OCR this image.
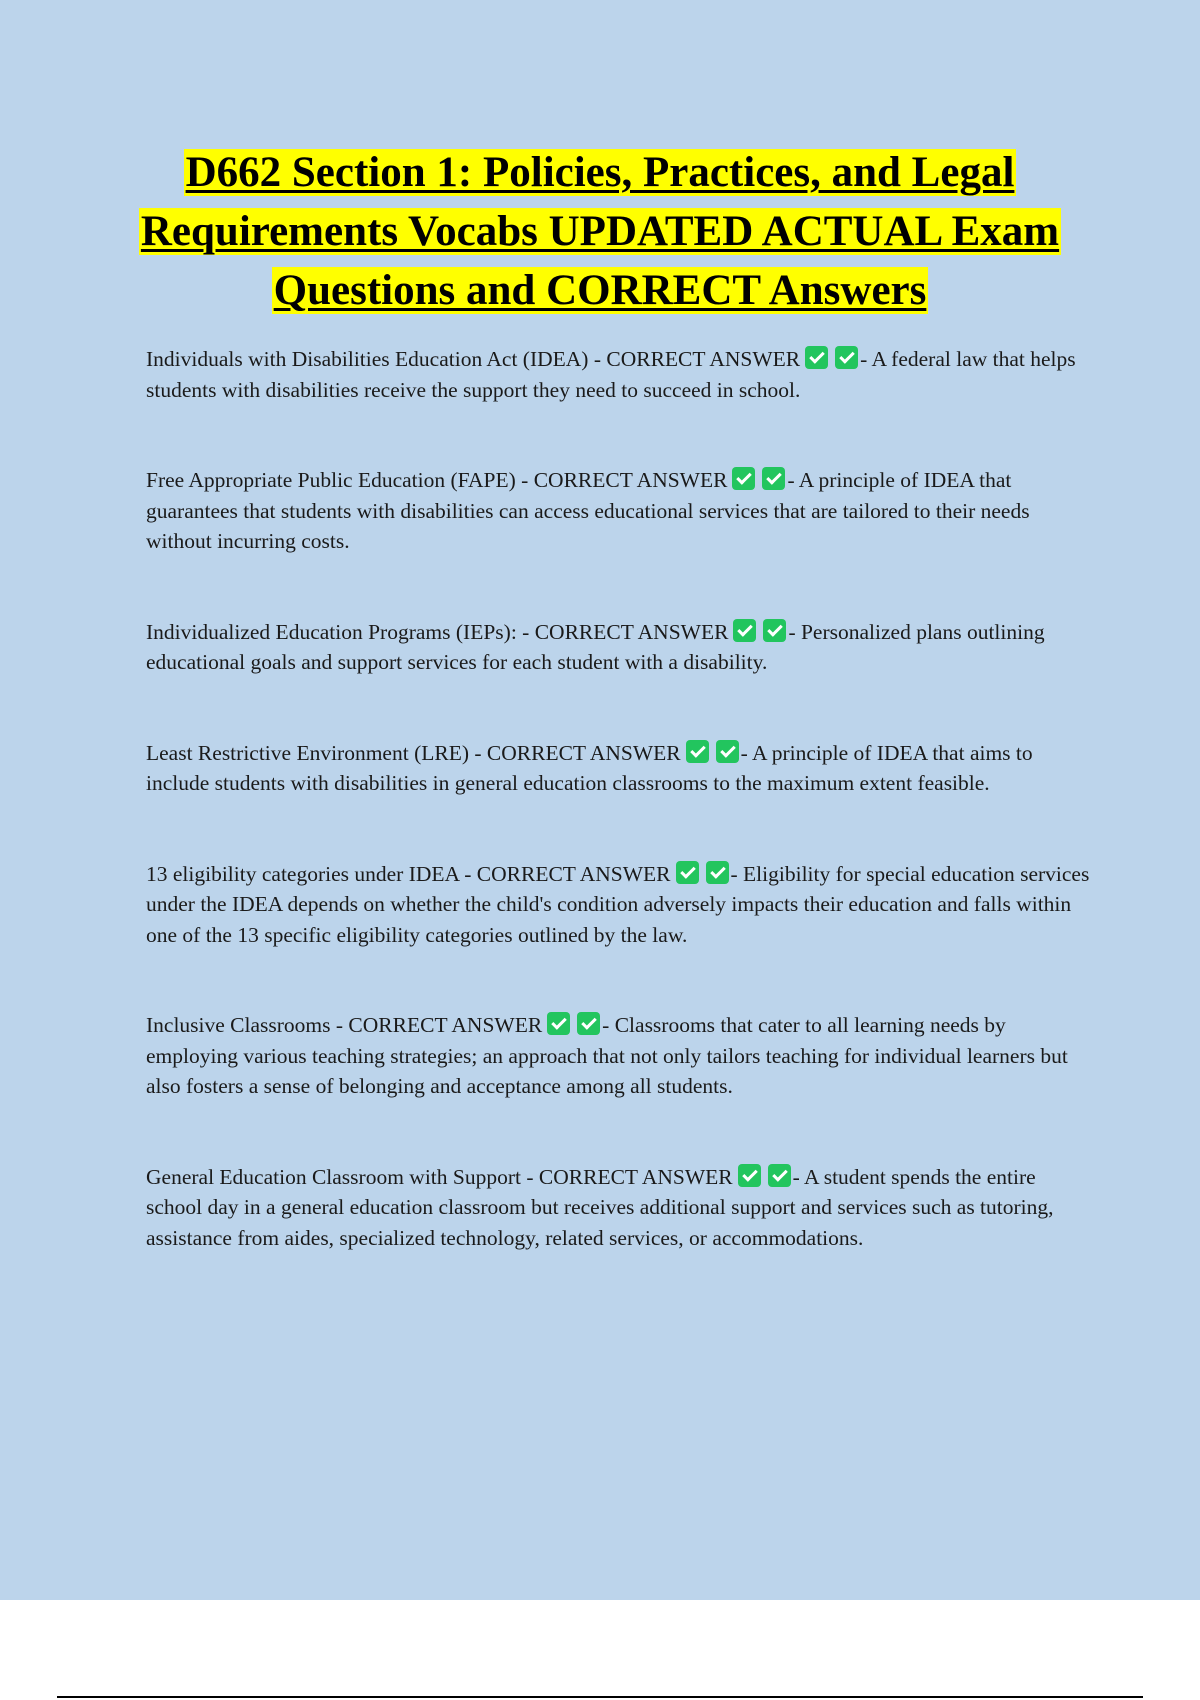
D662 Section 1: Policies, Practices, and Legal Requirements Vocabs UPDATED ACTUAL Exam Questions and CORRECT Answers

Individuals with Disabilities Education Act (IDEA) - CORRECT ANSWER	- A federal law that helps students with disabilities receive the support they need to succeed in school.

Free Appropriate Public Education (FAPE) - CORRECT ANSWER	- A principle of IDEA that guarantees that students with disabilities can access educational services that are tailored to their needs without incurring costs.

Individualized Education Programs (IEPs): - CORRECT ANSWER	- Personalized plans outlining educational goals and support services for each student with a disability.

Least Restrictive Environment (LRE) - CORRECT ANSWER	- A principle of IDEA that aims to include students with disabilities in general education classrooms to the maximum extent feasible.

13 eligibility categories under IDEA - CORRECT ANSWER	- Eligibility for special education services under the IDEA depends on whether the child's condition adversely impacts their education and falls within one of the 13 specific eligibility categories outlined by the law.

Inclusive Classrooms - CORRECT ANSWER	- Classrooms that cater to all learning needs by employing various teaching strategies; an approach that not only tailors teaching for individual learners but also fosters a sense of belonging and acceptance among all students.

General Education Classroom with Support - CORRECT ANSWER	- A student spends the entire school day in a general education classroom but receives additional support and services such as tutoring, assistance from aides, specialized technology, related services, or accommodations.
